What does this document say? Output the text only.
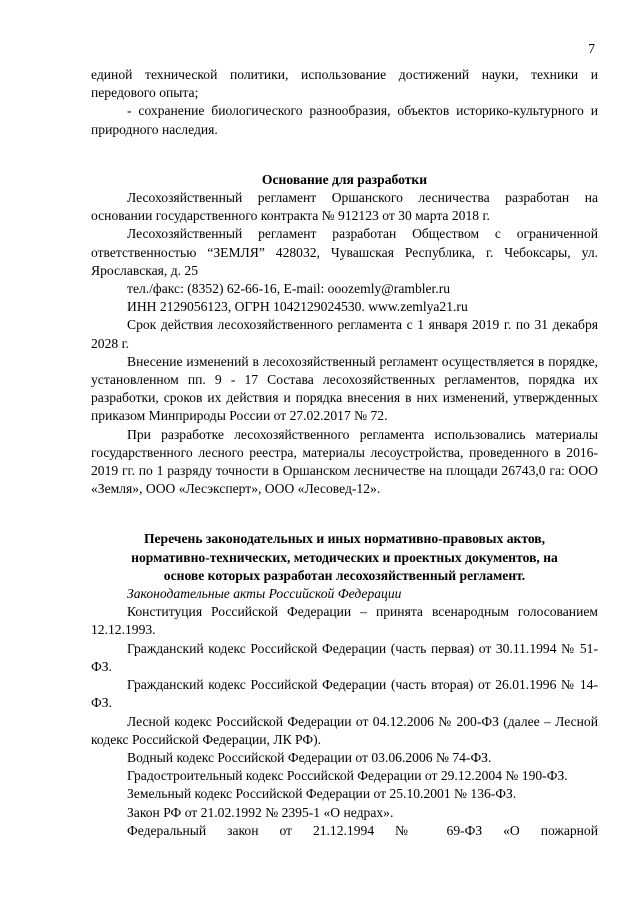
7

единой технической политики, использование достижений науки, техники и передового опыта;

- сохранение биологического разнообразия, объектов историко-культурного и природного наследия.

Основание для разработки

Лесохозяйственный регламент Оршанского лесничества разработан на основании государственного контракта № 912123 от 30 марта 2018 г.

Лесохозяйственный регламент разработан Обществом с ограниченной ответственностью “ЗЕМЛЯ” 428032, Чувашская Республика, г. Чебоксары, ул. Ярославская, д. 25

тел./факс: (8352) 62-66-16, E-mail: ooozemly@rambler.ru

ИНН 2129056123, ОГРН 1042129024530. www.zemlya21.ru

Срок действия лесохозяйственного регламента с 1 января 2019 г. по 31 декабря 2028 г.

Внесение изменений в лесохозяйственный регламент осуществляется в порядке, установленном пп. 9 - 17 Состава лесохозяйственных регламентов, порядка их разработки, сроков их действия и порядка внесения в них изменений, утвержденных приказом Минприроды России от 27.02.2017 № 72.

При разработке лесохозяйственного регламента использовались материалы государственного лесного реестра, материалы лесоустройства, проведенного в 2016-2019 гг. по 1 разряду точности в Оршанском лесничестве на площади 26743,0 га: ООО «Земля», ООО «Лесэксперт», ООО «Лесовед-12».

Перечень законодательных и иных нормативно-правовых актов,

нормативно-технических, методических и проектных документов, на

основе которых разработан лесохозяйственный регламент.

Законодательные акты Российской Федерации

Конституция Российской Федерации – принята всенародным голосованием 12.12.1993.

Гражданский кодекс Российской Федерации (часть первая) от 30.11.1994 № 51-ФЗ.

Гражданский кодекс Российской Федерации (часть вторая) от 26.01.1996 № 14-ФЗ.

Лесной кодекс Российской Федерации от 04.12.2006 № 200-ФЗ (далее – Лесной кодекс Российской Федерации, ЛК РФ).

Водный кодекс Российской Федерации от 03.06.2006 № 74-ФЗ.

Градостроительный кодекс Российской Федерации от 29.12.2004 № 190-ФЗ.

Земельный кодекс Российской Федерации от 25.10.2001 № 136-ФЗ.

Закон РФ от 21.02.1992 № 2395-1 «О недрах».

Федеральный закон от 21.12.1994 № 69-ФЗ «О пожарной
